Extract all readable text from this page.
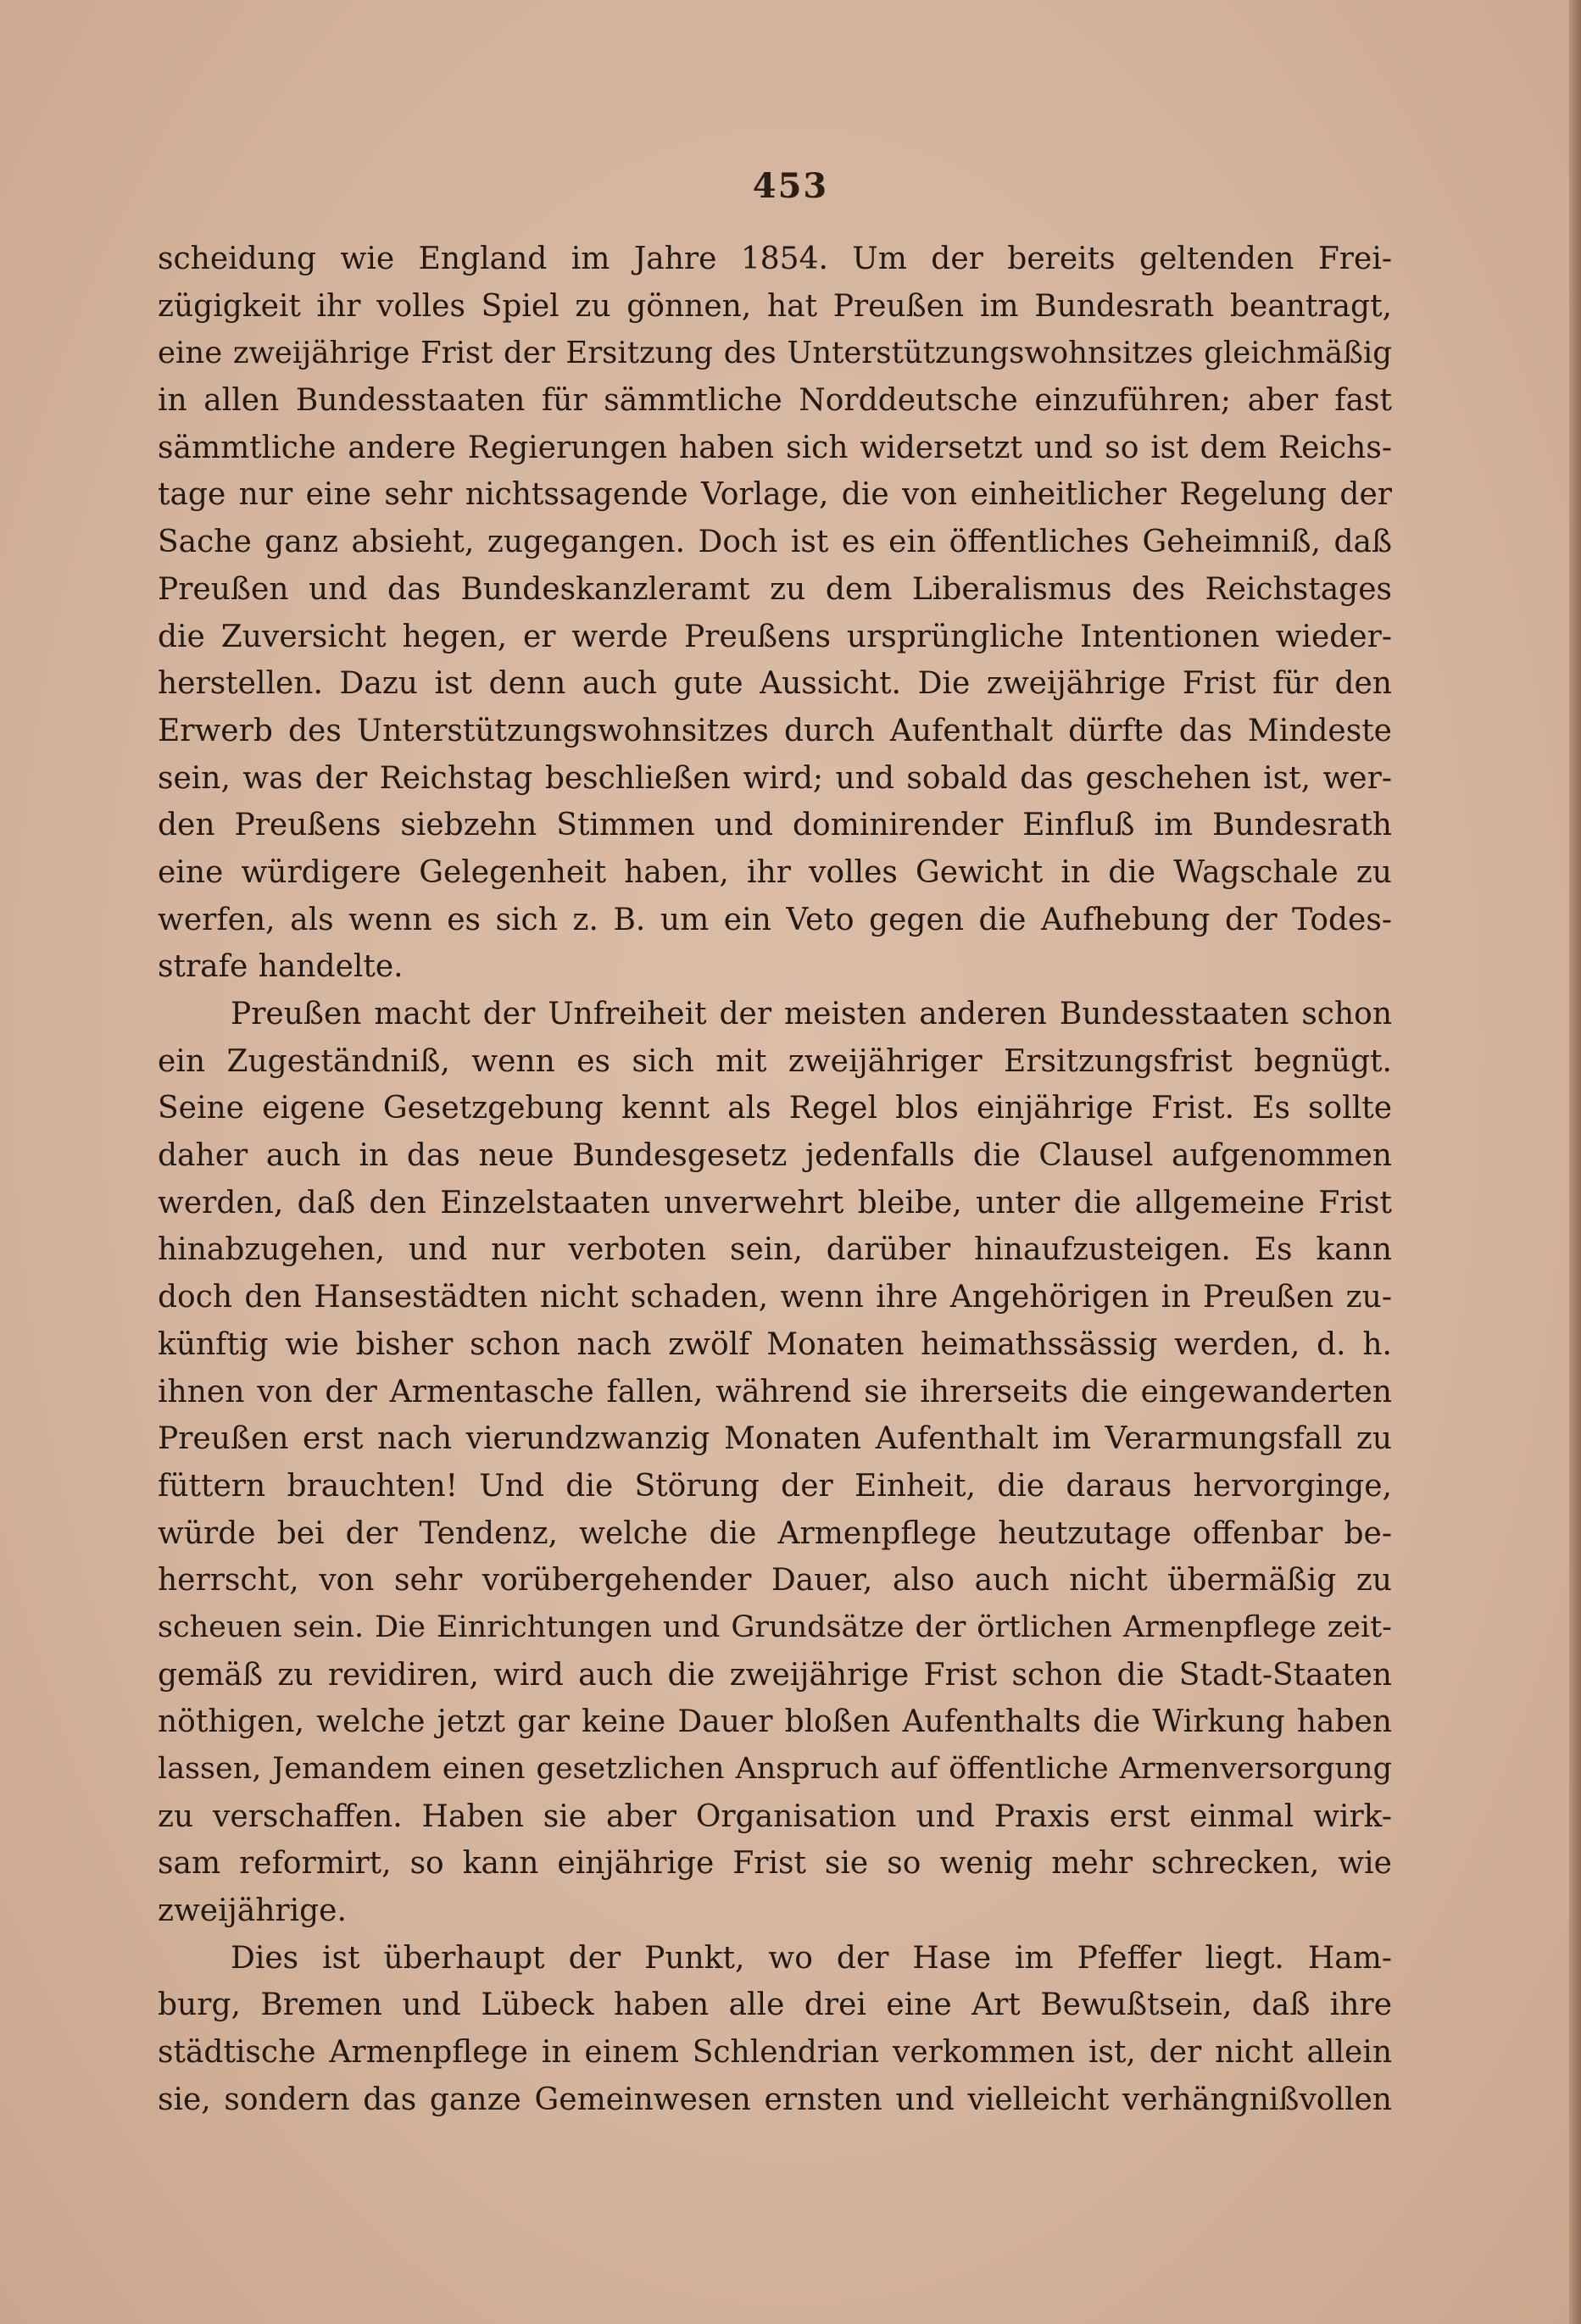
453
scheidung wie England im Jahre 1854. Um der bereits geltenden Frei-
zügigkeit ihr volles Spiel zu gönnen, hat Preußen im Bundesrath beantragt,
eine zweijährige Frist der Ersitzung des Unterstützungswohnsitzes gleichmäßig
in allen Bundesstaaten für sämmtliche Norddeutsche einzuführen; aber fast
sämmtliche andere Regierungen haben sich widersetzt und so ist dem Reichs-
tage nur eine sehr nichtssagende Vorlage, die von einheitlicher Regelung der
Sache ganz absieht, zugegangen. Doch ist es ein öffentliches Geheimniß, daß
Preußen und das Bundeskanzleramt zu dem Liberalismus des Reichstages
die Zuversicht hegen, er werde Preußens ursprüngliche Intentionen wieder-
herstellen. Dazu ist denn auch gute Aussicht. Die zweijährige Frist für den
Erwerb des Unterstützungswohnsitzes durch Aufenthalt dürfte das Mindeste
sein, was der Reichstag beschließen wird; und sobald das geschehen ist, wer-
den Preußens siebzehn Stimmen und dominirender Einfluß im Bundesrath
eine würdigere Gelegenheit haben, ihr volles Gewicht in die Wagschale zu
werfen, als wenn es sich z. B. um ein Veto gegen die Aufhebung der Todes-
strafe handelte.
Preußen macht der Unfreiheit der meisten anderen Bundesstaaten schon
ein Zugeständniß, wenn es sich mit zweijähriger Ersitzungsfrist begnügt.
Seine eigene Gesetzgebung kennt als Regel blos einjährige Frist. Es sollte
daher auch in das neue Bundesgesetz jedenfalls die Clausel aufgenommen
werden, daß den Einzelstaaten unverwehrt bleibe, unter die allgemeine Frist
hinabzugehen, und nur verboten sein, darüber hinaufzusteigen. Es kann
doch den Hansestädten nicht schaden, wenn ihre Angehörigen in Preußen zu-
künftig wie bisher schon nach zwölf Monaten heimathssässig werden, d. h.
ihnen von der Armentasche fallen, während sie ihrerseits die eingewanderten
Preußen erst nach vierundzwanzig Monaten Aufenthalt im Verarmungsfall zu
füttern brauchten! Und die Störung der Einheit, die daraus hervorginge,
würde bei der Tendenz, welche die Armenpflege heutzutage offenbar be-
herrscht, von sehr vorübergehender Dauer, also auch nicht übermäßig zu
scheuen sein. Die Einrichtungen und Grundsätze der örtlichen Armenpflege zeit-
gemäß zu revidiren, wird auch die zweijährige Frist schon die Stadt-Staaten
nöthigen, welche jetzt gar keine Dauer bloßen Aufenthalts die Wirkung haben
lassen, Jemandem einen gesetzlichen Anspruch auf öffentliche Armenversorgung
zu verschaffen. Haben sie aber Organisation und Praxis erst einmal wirk-
sam reformirt, so kann einjährige Frist sie so wenig mehr schrecken, wie
zweijährige.
Dies ist überhaupt der Punkt, wo der Hase im Pfeffer liegt. Ham-
burg, Bremen und Lübeck haben alle drei eine Art Bewußtsein, daß ihre
städtische Armenpflege in einem Schlendrian verkommen ist, der nicht allein
sie, sondern das ganze Gemeinwesen ernsten und vielleicht verhängnißvollen
